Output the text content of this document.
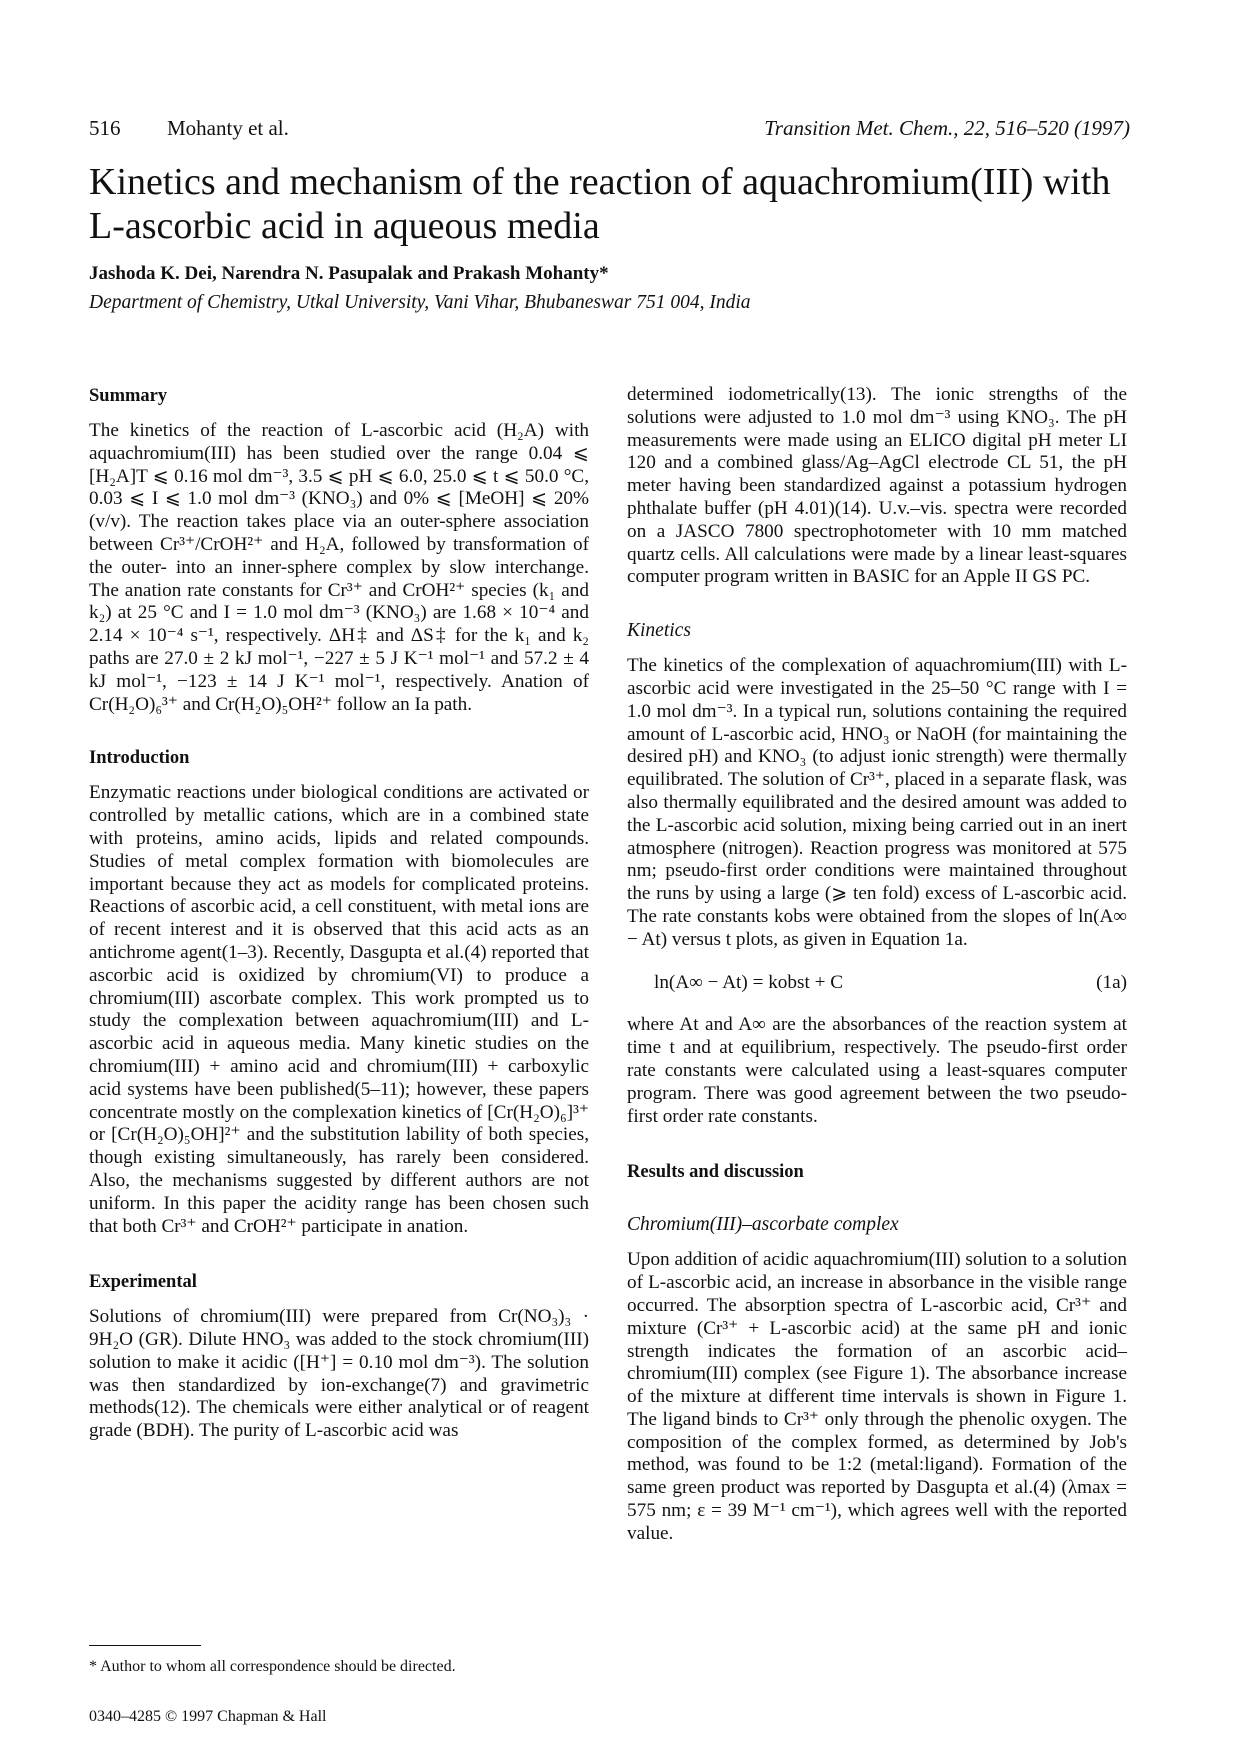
516 Mohanty et al.	Transition Met. Chem., 22, 516–520 (1997)
Kinetics and mechanism of the reaction of aquachromium(III) with L-ascorbic acid in aqueous media
Jashoda K. Dei, Narendra N. Pasupalak and Prakash Mohanty*
Department of Chemistry, Utkal University, Vani Vihar, Bhubaneswar 751 004, India
Summary

The kinetics of the reaction of L-ascorbic acid (H₂A) with aquachromium(III) has been studied over the range 0.04 ⩽ [H₂A]T ⩽ 0.16 mol dm⁻³, 3.5 ⩽ pH ⩽ 6.0, 25.0 ⩽ t ⩽ 50.0 °C, 0.03 ⩽ I ⩽ 1.0 mol dm⁻³ (KNO₃) and 0% ⩽ [MeOH] ⩽ 20% (v/v). The reaction takes place via an outer-sphere association between Cr³⁺/CrOH²⁺ and H₂A, followed by transformation of the outer- into an inner-sphere complex by slow interchange. The anation rate constants for Cr³⁺ and CrOH²⁺ species (k₁ and k₂) at 25 °C and I = 1.0 mol dm⁻³ (KNO₃) are 1.68 × 10⁻⁴ and 2.14 × 10⁻⁴ s⁻¹, respectively. ΔH‡ and ΔS‡ for the k₁ and k₂ paths are 27.0 ± 2 kJ mol⁻¹, −227 ± 5 J K⁻¹ mol⁻¹ and 57.2 ± 4 kJ mol⁻¹, −123 ± 14 J K⁻¹ mol⁻¹, respectively. Anation of Cr(H₂O)₆³⁺ and Cr(H₂O)₅OH²⁺ follow an Ia path.

Introduction

Enzymatic reactions under biological conditions are activated or controlled by metallic cations, which are in a combined state with proteins, amino acids, lipids and related compounds. Studies of metal complex formation with biomolecules are important because they act as models for complicated proteins. Reactions of ascorbic acid, a cell constituent, with metal ions are of recent interest and it is observed that this acid acts as an antichrome agent(1–3). Recently, Dasgupta et al.(4) reported that ascorbic acid is oxidized by chromium(VI) to produce a chromium(III) ascorbate complex. This work prompted us to study the complexation between aquachromium(III) and L-ascorbic acid in aqueous media. Many kinetic studies on the chromium(III) + amino acid and chromium(III) + carboxylic acid systems have been published(5–11); however, these papers concentrate mostly on the complexation kinetics of [Cr(H₂O)₆]³⁺ or [Cr(H₂O)₅OH]²⁺ and the substitution lability of both species, though existing simultaneously, has rarely been considered. Also, the mechanisms suggested by different authors are not uniform. In this paper the acidity range has been chosen such that both Cr³⁺ and CrOH²⁺ participate in anation.

Experimental

Solutions of chromium(III) were prepared from Cr(NO₃)₃ · 9H₂O (GR). Dilute HNO₃ was added to the stock chromium(III) solution to make it acidic ([H⁺] = 0.10 mol dm⁻³). The solution was then standardized by ion-exchange(7) and gravimetric methods(12). The chemicals were either analytical or of reagent grade (BDH). The purity of L-ascorbic acid was

determined iodometrically(13). The ionic strengths of the solutions were adjusted to 1.0 mol dm⁻³ using KNO₃. The pH measurements were made using an ELICO digital pH meter LI 120 and a combined glass/Ag–AgCl electrode CL 51, the pH meter having been standardized against a potassium hydrogen phthalate buffer (pH 4.01)(14). U.v.–vis. spectra were recorded on a JASCO 7800 spectrophotometer with 10 mm matched quartz cells. All calculations were made by a linear least-squares computer program written in BASIC for an Apple II GS PC.

Kinetics

The kinetics of the complexation of aquachromium(III) with L-ascorbic acid were investigated in the 25–50 °C range with I = 1.0 mol dm⁻³. In a typical run, solutions containing the required amount of L-ascorbic acid, HNO₃ or NaOH (for maintaining the desired pH) and KNO₃ (to adjust ionic strength) were thermally equilibrated. The solution of Cr³⁺, placed in a separate flask, was also thermally equilibrated and the desired amount was added to the L-ascorbic acid solution, mixing being carried out in an inert atmosphere (nitrogen). Reaction progress was monitored at 575 nm; pseudo-first order conditions were maintained throughout the runs by using a large (⩾ ten fold) excess of L-ascorbic acid. The rate constants kobs were obtained from the slopes of ln(A∞ − At) versus t plots, as given in Equation 1a.

ln(A∞ − At) = kobst + C	(1a)

where At and A∞ are the absorbances of the reaction system at time t and at equilibrium, respectively. The pseudo-first order rate constants were calculated using a least-squares computer program. There was good agreement between the two pseudo-first order rate constants.

Results and discussion
Chromium(III)–ascorbate complex

Upon addition of acidic aquachromium(III) solution to a solution of L-ascorbic acid, an increase in absorbance in the visible range occurred. The absorption spectra of L-ascorbic acid, Cr³⁺ and mixture (Cr³⁺ + L-ascorbic acid) at the same pH and ionic strength indicates the formation of an ascorbic acid–chromium(III) complex (see Figure 1). The absorbance increase of the mixture at different time intervals is shown in Figure 1. The ligand binds to Cr³⁺ only through the phenolic oxygen. The composition of the complex formed, as determined by Job's method, was found to be 1:2 (metal:ligand). Formation of the same green product was reported by Dasgupta et al.(4) (λmax = 575 nm; ε = 39 M⁻¹ cm⁻¹), which agrees well with the reported value.

* Author to whom all correspondence should be directed.
0340–4285 © 1997 Chapman & Hall
